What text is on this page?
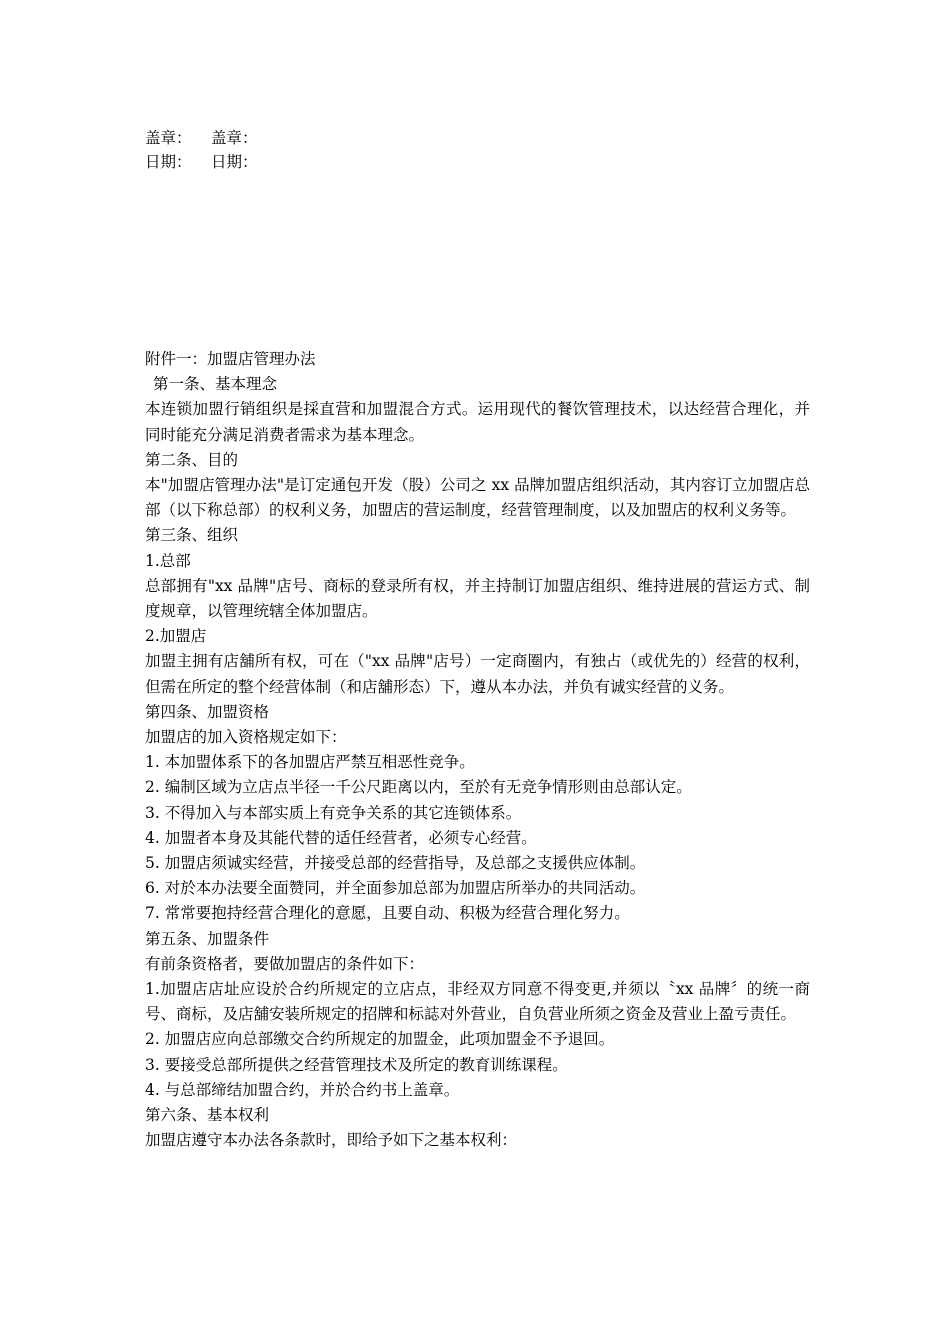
盖章： 盖章：
日期： 日期：

附件一：加盟店管理办法

第一条、基本理念

本连锁加盟行销组织是採直营和加盟混合方式。运用现代的餐饮管理技术，以达经营合理化，并同时能充分满足消费者需求为基本理念。

第二条、目的

本"加盟店管理办法"是订定通包开发（股）公司之 xx 品牌加盟店组织活动，其内容订立加盟店总部（以下称总部）的权利义务，加盟店的营运制度，经营管理制度，以及加盟店的权利义务等。

第三条、组织

1.总部

总部拥有"xx 品牌"店号、商标的登录所有权，并主持制订加盟店组织、维持进展的营运方式、制度规章，以管理统辖全体加盟店。

2.加盟店

加盟主拥有店舖所有权，可在（"xx 品牌"店号）一定商圈内，有独占（或优先的）经营的权利，但需在所定的整个经营体制（和店舖形态）下，遵从本办法，并负有诚实经营的义务。

第四条、加盟资格

加盟店的加入资格规定如下：

1. 本加盟体系下的各加盟店严禁互相恶性竞争。

2. 编制区域为立店点半径一千公尺距离以内，至於有无竞争情形则由总部认定。

3. 不得加入与本部实质上有竞争关系的其它连锁体系。

4. 加盟者本身及其能代替的适任经营者，必须专心经营。

5. 加盟店须诚实经营，并接受总部的经营指导，及总部之支援供应体制。

6. 对於本办法要全面赞同，并全面参加总部为加盟店所举办的共同活动。

7. 常常要抱持经营合理化的意愿，且要自动、积极为经营合理化努力。

第五条、加盟条件

有前条资格者，要做加盟店的条件如下：

1.加盟店店址应设於合约所规定的立店点，非经双方同意不得变更,并须以〝xx 品牌〞的统一商号、商标，及店舖安装所规定的招牌和标誌对外营业，自负营业所须之资金及营业上盈亏责任。

2. 加盟店应向总部缴交合约所规定的加盟金，此项加盟金不予退回。

3. 要接受总部所提供之经营管理技术及所定的教育训练课程。

4. 与总部缔结加盟合约，并於合约书上盖章。

第六条、基本权利

加盟店遵守本办法各条款时，即给予如下之基本权利：
